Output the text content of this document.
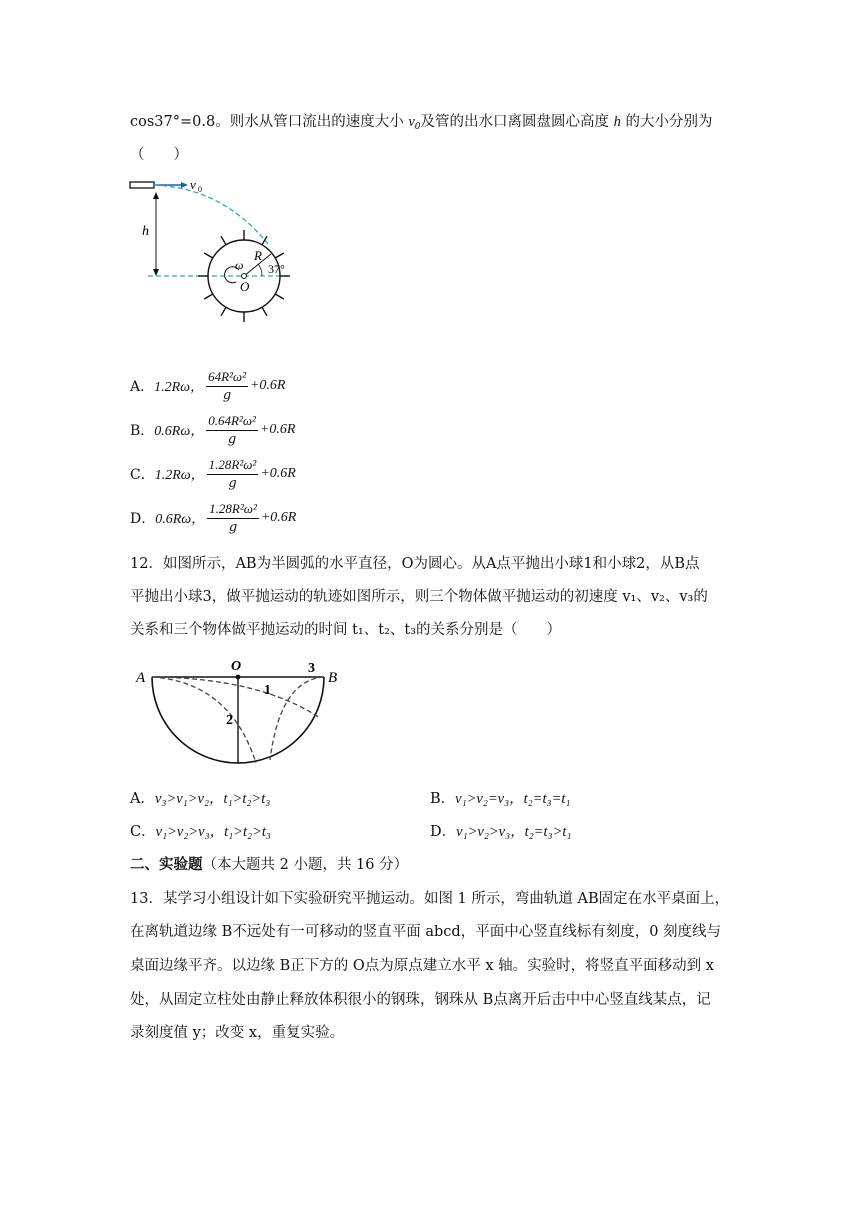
cos37°=0.8。则水从管口流出的速度大小 $v_0$及管的出水口离圆盘圆心高度 h 的大小分别为
（　　）
v 0
h
R
37°
ω
O
A． 1.2Rω， $\frac{\text{64R²ω²}}{g} +0.6R$
B． 0.6Rω， $\frac{\text{0.64R²ω²}}{g} +0.6R$
C． 1.2Rω， $\frac{\text{1.28R²ω²}}{g} +0.6R$
D． 0.6Rω， $\frac{\text{1.28R²ω²}}{g} +0.6R$
12．如图所示，AB为半圆弧的水平直径，O为圆心。从A点平抛出小球1和小球2，从B点
平抛出小球3，做平抛运动的轨迹如图所示，则三个物体做平抛运动的初速度 v₁、v₂、v₃的
关系和三个物体做平抛运动的时间 t₁、t₂、t₃的关系分别是（　　）
A	B
O	3
1
2
A．v₃>v₁>v₂，t₁>t₂>t₃	B．v₁>v₂=v₃，t₂=t₃=t₁
C．v₁>v₂>v₃，t₁>t₂>t₃	D．v₁>v₂>v₃，t₂=t₃>t₁
二、实验题（本大题共 2 小题，共 16 分）
13．某学习小组设计如下实验研究平抛运动。如图 1 所示，弯曲轨道 AB固定在水平桌面上，
在离轨道边缘 B不远处有一可移动的竖直平面 abcd，平面中心竖直线标有刻度，0 刻度线与
桌面边缘平齐。以边缘 B正下方的 O点为原点建立水平 x 轴。实验时，将竖直平面移动到 x
处，从固定立柱处由静止释放体积很小的钢珠，钢珠从 B点离开后击中中心竖直线某点，记
录刻度值 y；改变 x，重复实验。
